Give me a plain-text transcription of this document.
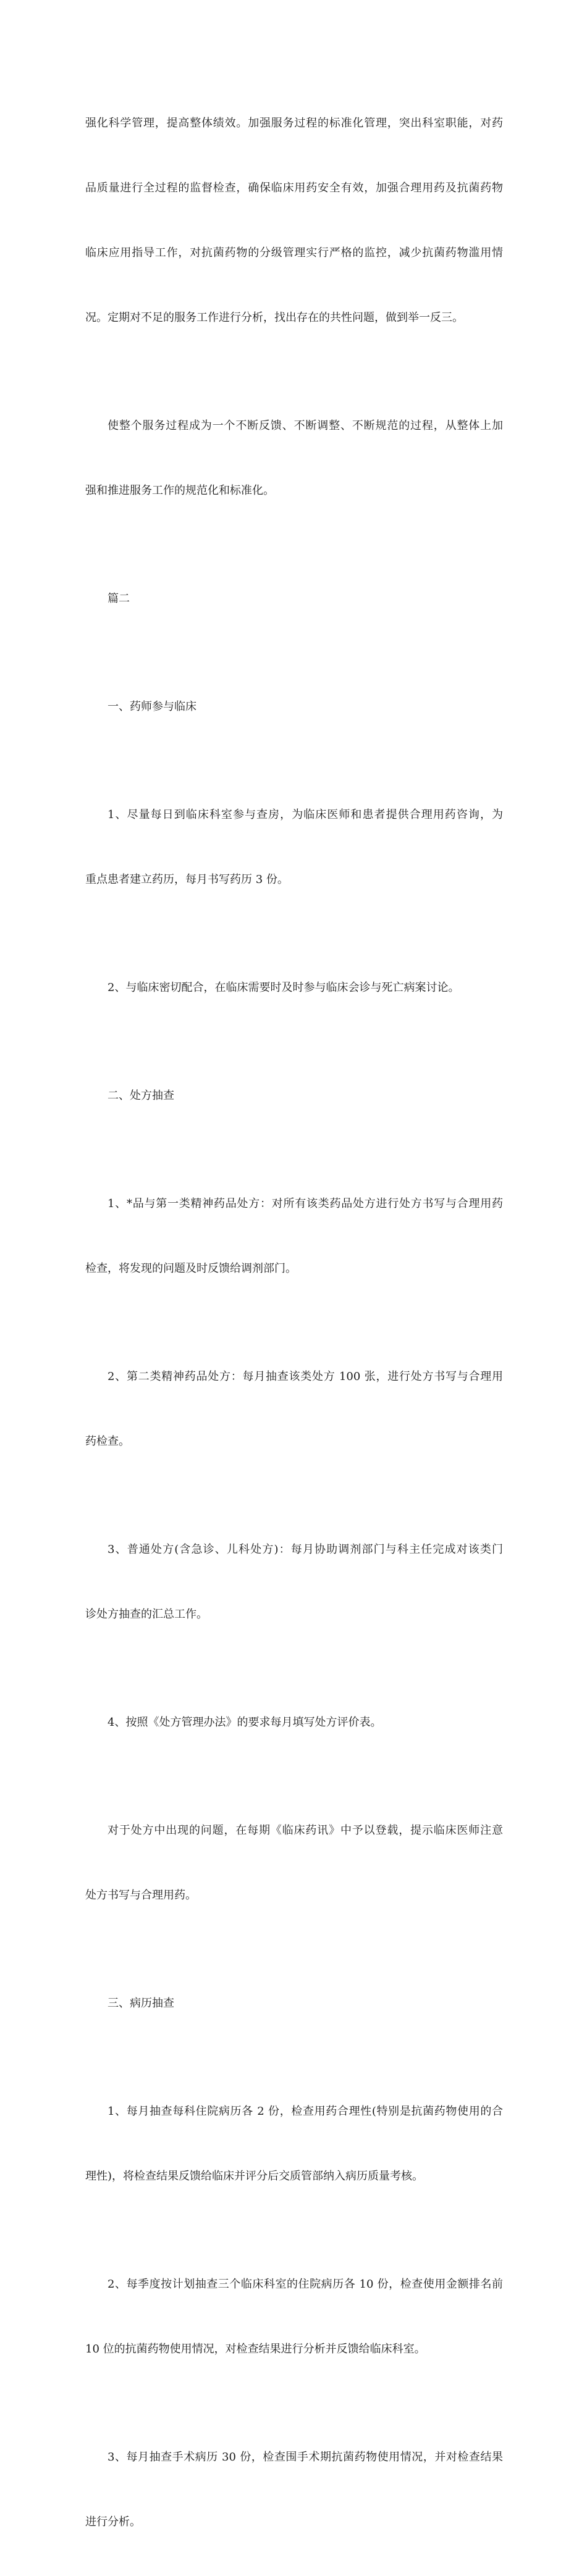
强化科学管理，提高整体绩效。加强服务过程的标准化管理，突出科室职能，对药

品质量进行全过程的监督检查，确保临床用药安全有效，加强合理用药及抗菌药物

临床应用指导工作，对抗菌药物的分级管理实行严格的监控，减少抗菌药物滥用情

况。定期对不足的服务工作进行分析，找出存在的共性问题，做到举一反三。

使整个服务过程成为一个不断反馈、不断调整、不断规范的过程，从整体上加

强和推进服务工作的规范化和标准化。

篇二

一、药师参与临床

1、尽量每日到临床科室参与查房，为临床医师和患者提供合理用药咨询，为

重点患者建立药历，每月书写药历 3 份。

2、与临床密切配合，在临床需要时及时参与临床会诊与死亡病案讨论。

二、处方抽查

1、*品与第一类精神药品处方：对所有该类药品处方进行处方书写与合理用药

检查，将发现的问题及时反馈给调剂部门。

2、第二类精神药品处方：每月抽查该类处方 100 张，进行处方书写与合理用

药检查。

3、普通处方(含急诊、儿科处方)：每月协助调剂部门与科主任完成对该类门

诊处方抽查的汇总工作。

4、按照《处方管理办法》的要求每月填写处方评价表。

对于处方中出现的问题，在每期《临床药讯》中予以登载，提示临床医师注意

处方书写与合理用药。

三、病历抽查

1、每月抽查每科住院病历各 2 份，检查用药合理性(特别是抗菌药物使用的合

理性)，将检查结果反馈给临床并评分后交质管部纳入病历质量考核。

2、每季度按计划抽查三个临床科室的住院病历各 10 份，检查使用金额排名前

10 位的抗菌药物使用情况，对检查结果进行分析并反馈给临床科室。

3、每月抽查手术病历 30 份，检查围手术期抗菌药物使用情况，并对检查结果

进行分析。
